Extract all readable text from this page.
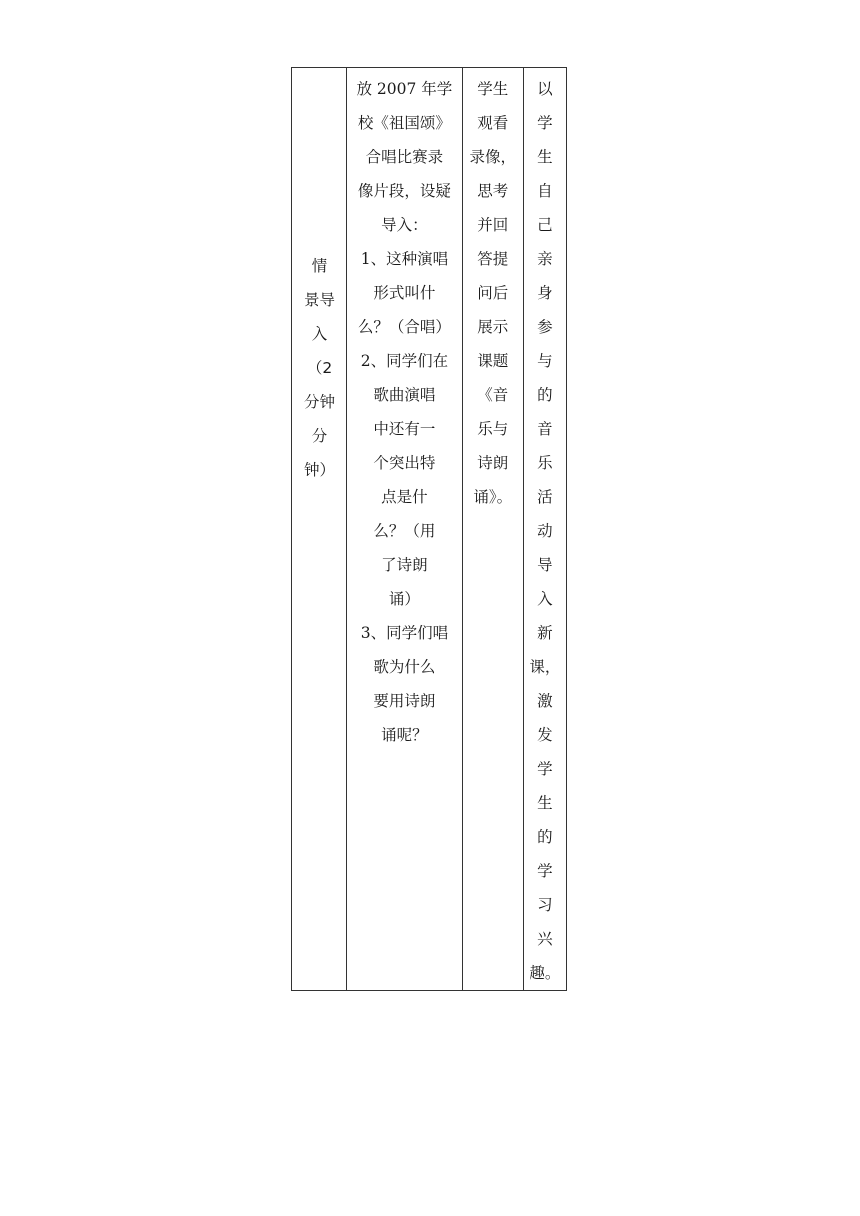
情
景导
入
（2
分钟
分
钟）

放 2007 年学
校《祖国颂》
合唱比赛录
像片段，设疑
导入：
1、这种演唱
形式叫什
么？（合唱）
2、同学们在
歌曲演唱
中还有一
个突出特
点是什
么？（用
了诗朗
诵）
3、同学们唱
歌为什么
要用诗朗
诵呢？

学生
观看
录像，
思考
并回
答提
问后
展示
课题
《音
乐与
诗朗
诵》。

以
学
生
自
己
亲
身
参
与
的
音
乐
活
动
导
入
新
课，
激
发
学
生
的
学
习
兴
趣。
